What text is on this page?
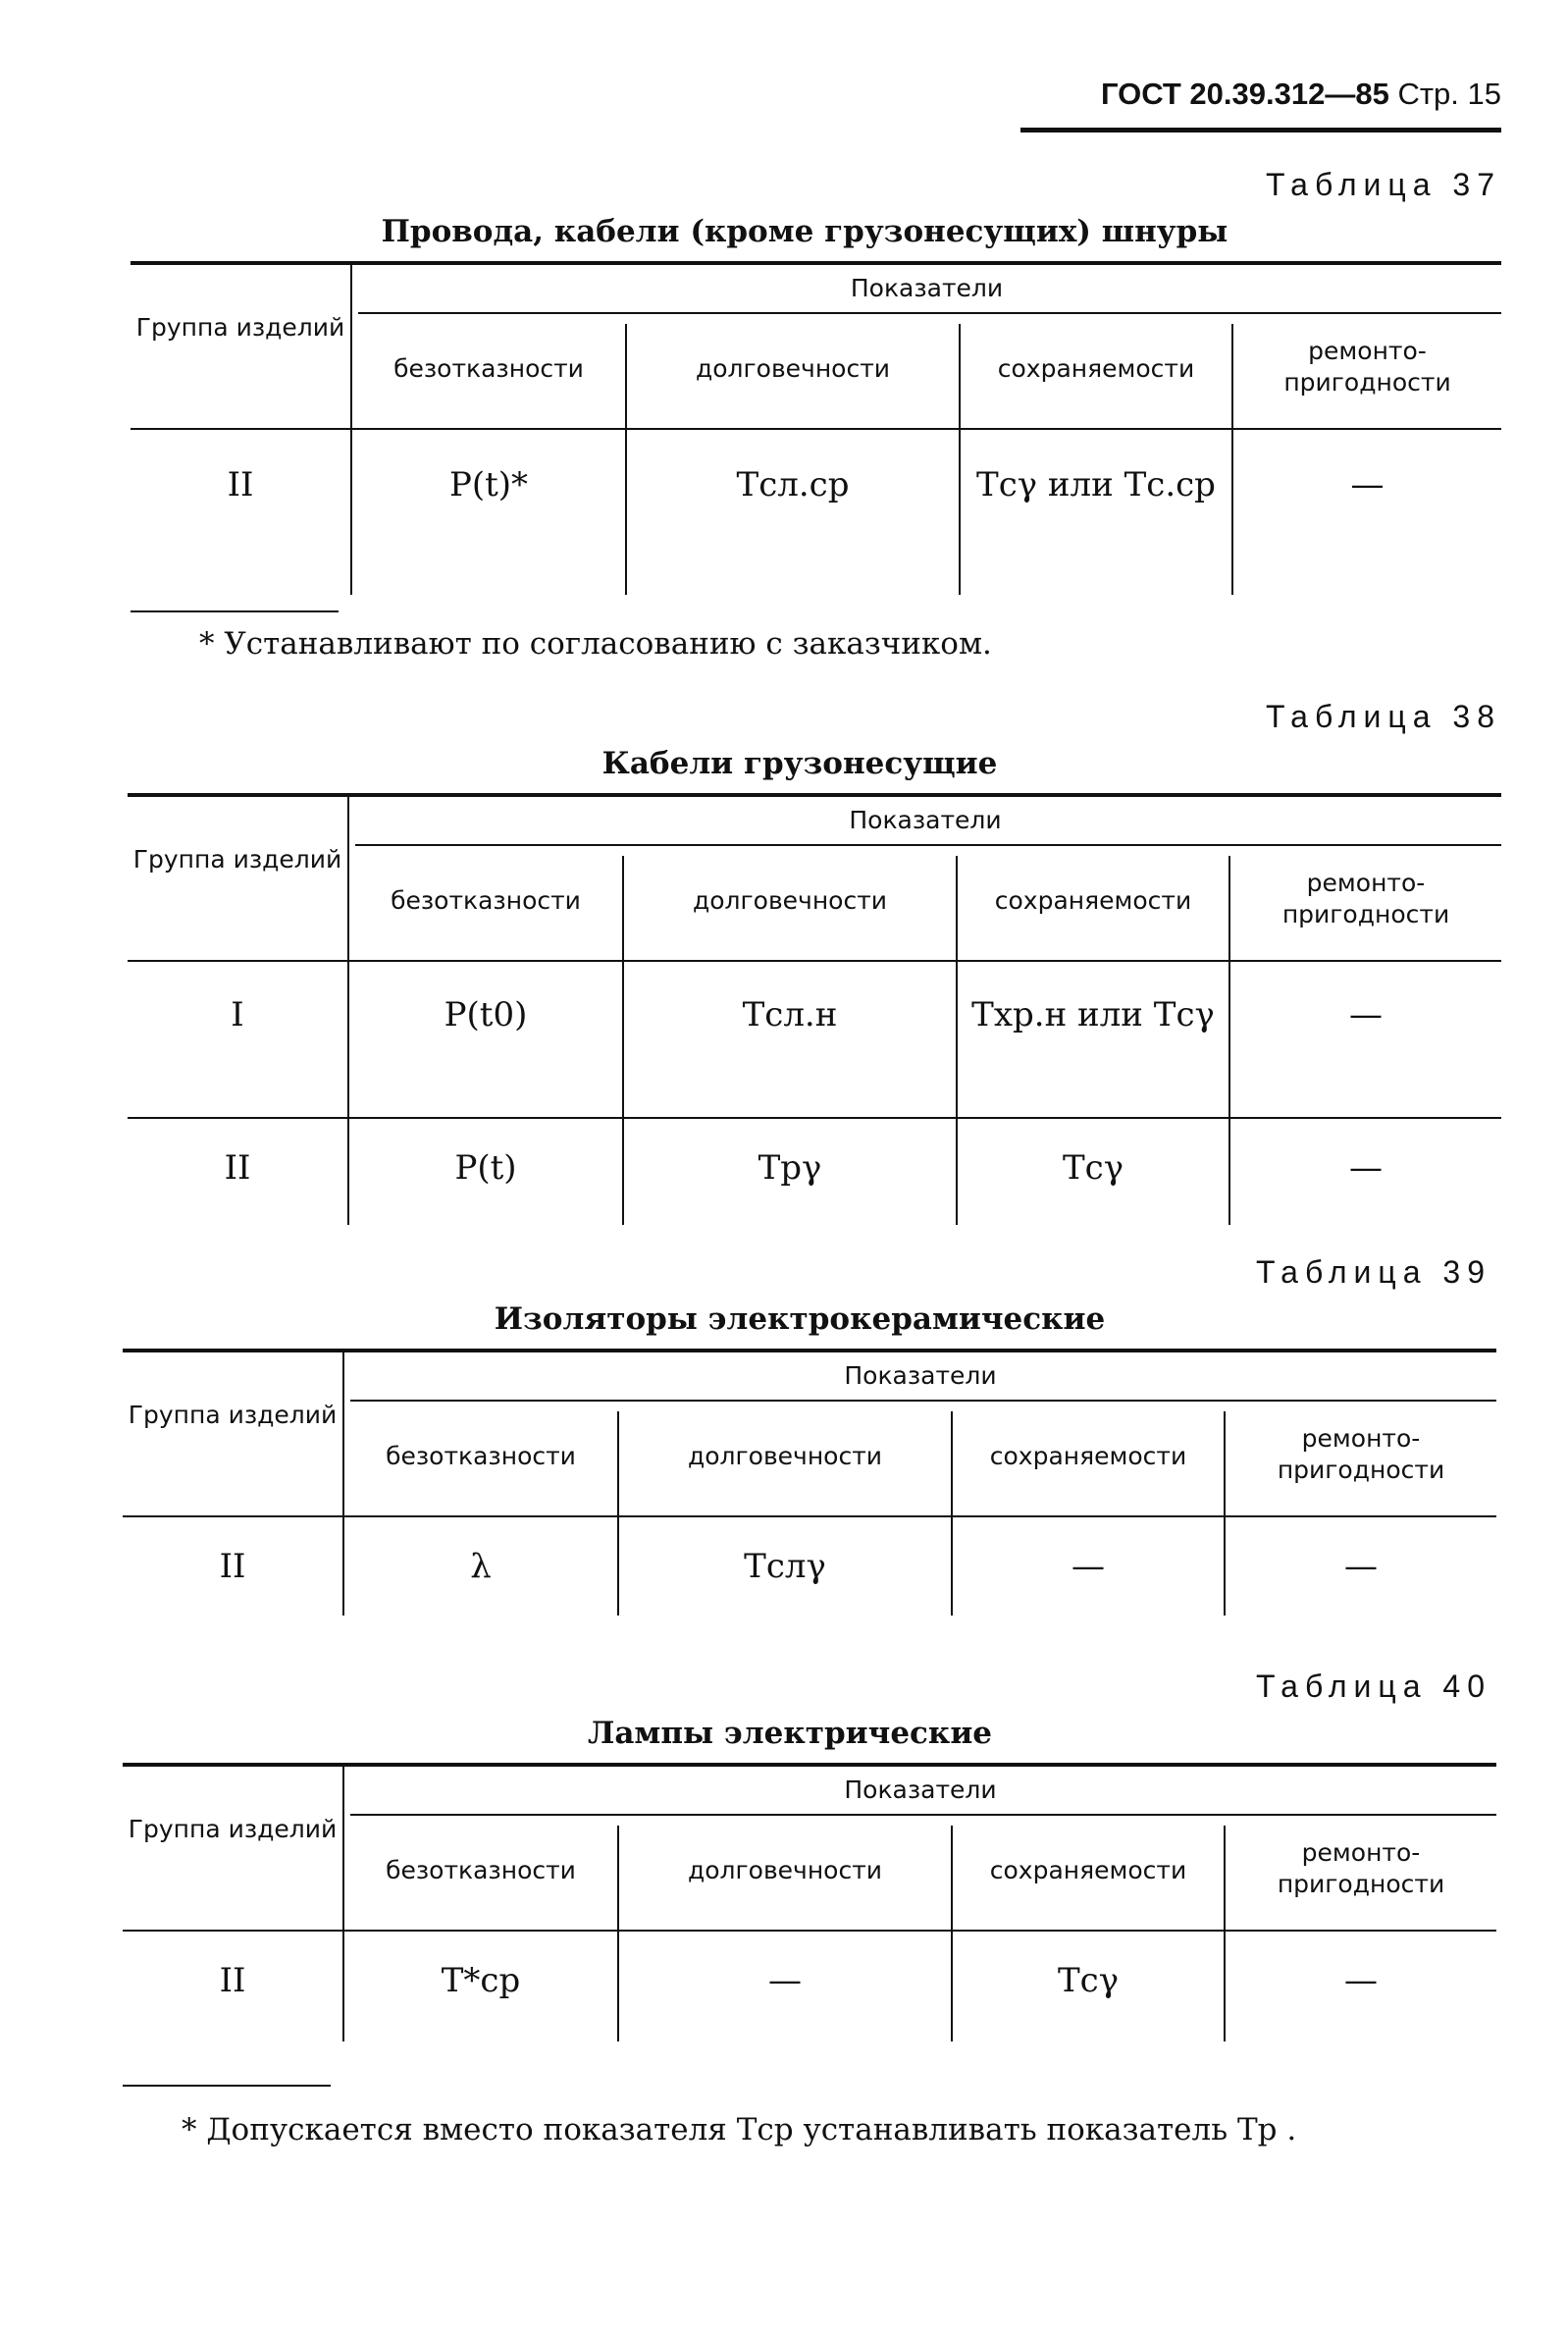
ГОСТ 20.39.312—85 Стр. 15
Таблица 37
Провода, кабели (кроме грузонесущих) шнуры
Группа изделий
Показатели
безотказности	долговечности	сохраняемости
ремонто-
пригодности
II	P(t)*	Tсл.ср	Tсγ или Tс.ср	—
* Устанавливают по согласованию с заказчиком.
Таблица 38
Кабели грузонесущие
Группа изделий
Показатели
безотказности	долговечности	сохраняемости
ремонто-
пригодности
I	P(t0)	Tсл.н	Tхр.н или Tсγ	—
II	P(t)	Tpγ	Tсγ	—
Таблица 39
Изоляторы электрокерамические
Группа изделий
Показатели
безотказности	долговечности	сохраняемости
ремонто-
пригодности
II	λ	Tслγ	—	—
Таблица 40
Лампы электрические
Группа изделий
Показатели
безотказности	долговечности	сохраняемости
ремонто-
пригодности
II	T*ср	—	Tсγ	—
* Допускается вместо показателя Tср устанавливать показатель Tр .
